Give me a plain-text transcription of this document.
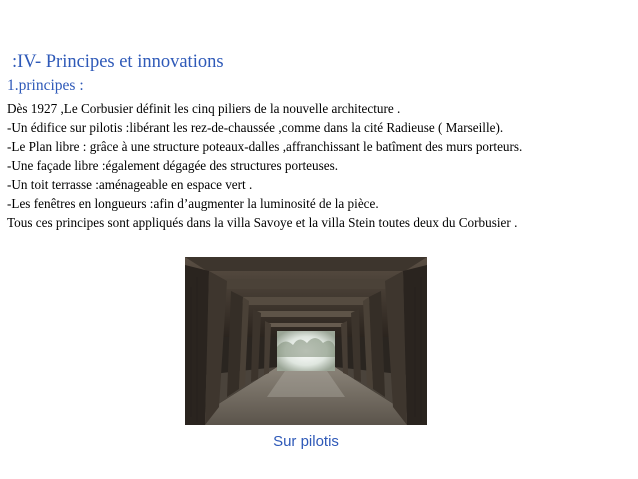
:IV- Principes et innovations
1.principes :
Dès 1927 ,Le Corbusier définit les cinq piliers de la nouvelle architecture .
-Un édifice sur pilotis :libérant les rez-de-chaussée ,comme dans la cité Radieuse ( Marseille).
-Le Plan libre : grâce à une structure poteaux-dalles ,affranchissant le batîment des murs porteurs.
-Une façade libre :également dégagée des structures porteuses.
-Un toit terrasse :aménageable en espace vert .
-Les fenêtres en longueurs :afin d’augmenter la luminosité de la pièce.
Tous ces principes sont appliqués dans la villa Savoye et la villa Stein toutes deux du Corbusier .

Sur pilotis
